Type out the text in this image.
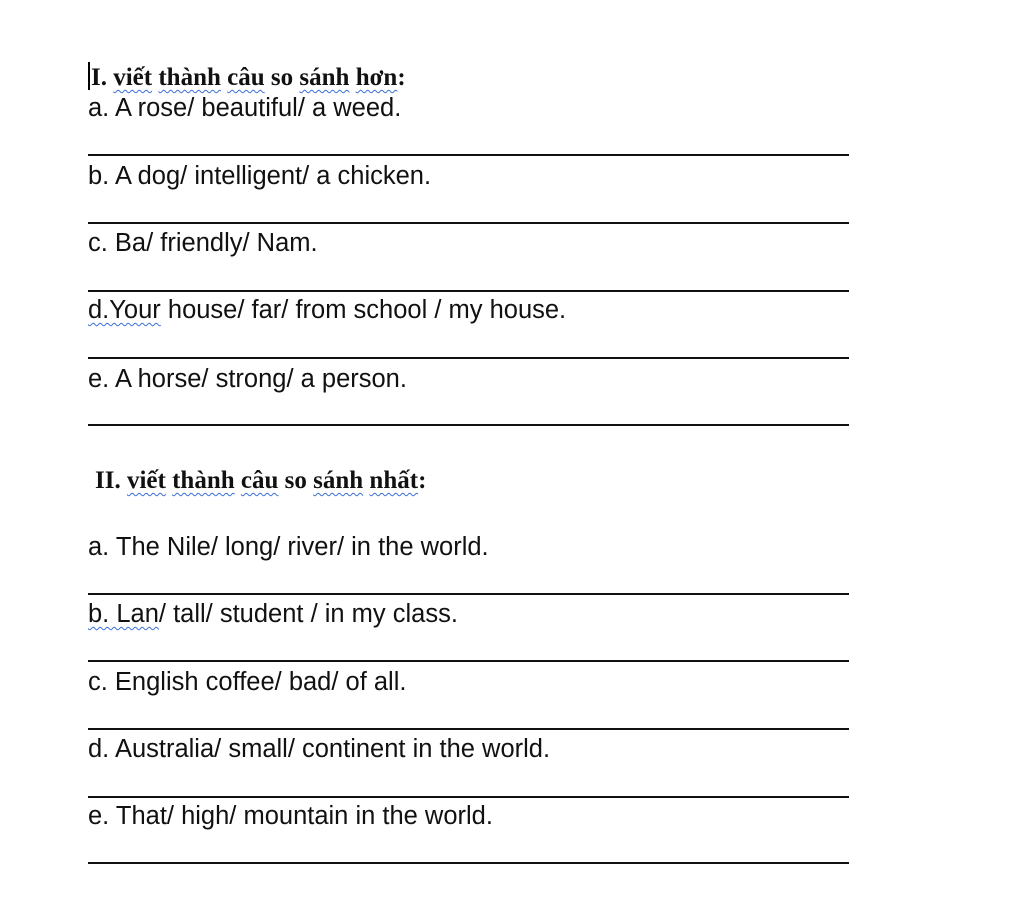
I. viết thành câu so sánh hơn:
a. A rose/ beautiful/ a weed.
b. A dog/ intelligent/ a chicken.
c. Ba/ friendly/ Nam.
d.Your house/ far/ from school / my house.
e. A horse/ strong/ a person.
II. viết thành câu so sánh nhất:
a. The Nile/ long/ river/ in the world.
b. Lan/ tall/ student / in my class.
c. English coffee/ bad/ of all.
d. Australia/ small/ continent in the world.
e. That/ high/ mountain in the world.
